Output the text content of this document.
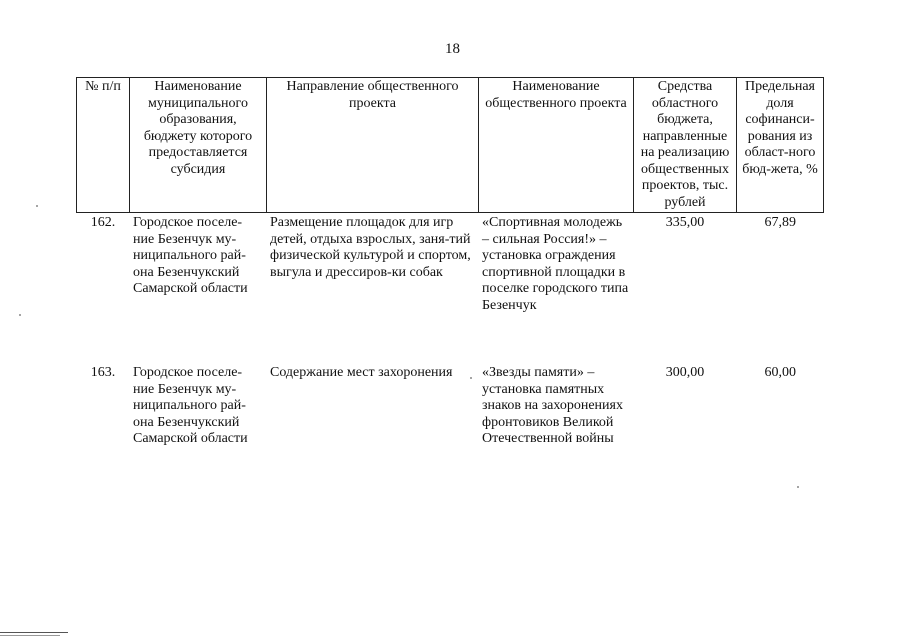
18
№ п/п	Наименование муниципального образования, бюджету которого предоставляется субсидия	Направление общественного проекта	Наименование общественного проекта	Средства областного бюджета, направленные на реализацию общественных проектов, тыс. рублей	Предельная доля софинанси-рования из област-ного бюд-жета, %
162.	Городское поселе-ние Безенчук му-ниципального рай-она Безенчукский Самарской области	Размещение площадок для игр детей, отдыха взрослых, заня-тий физической культурой и спортом, выгула и дрессиров-ки собак	«Спортивная молодежь – сильная Россия!» – установка ограждения спортивной площадки в поселке городского типа Безенчук	335,00	67,89
163.	Городское поселе-ние Безенчук му-ниципального рай-она Безенчукский Самарской области	Содержание мест захоронения	«Звезды памяти» – установка памятных знаков на захоронениях фронтовиков Великой Отечественной войны	300,00	60,00
